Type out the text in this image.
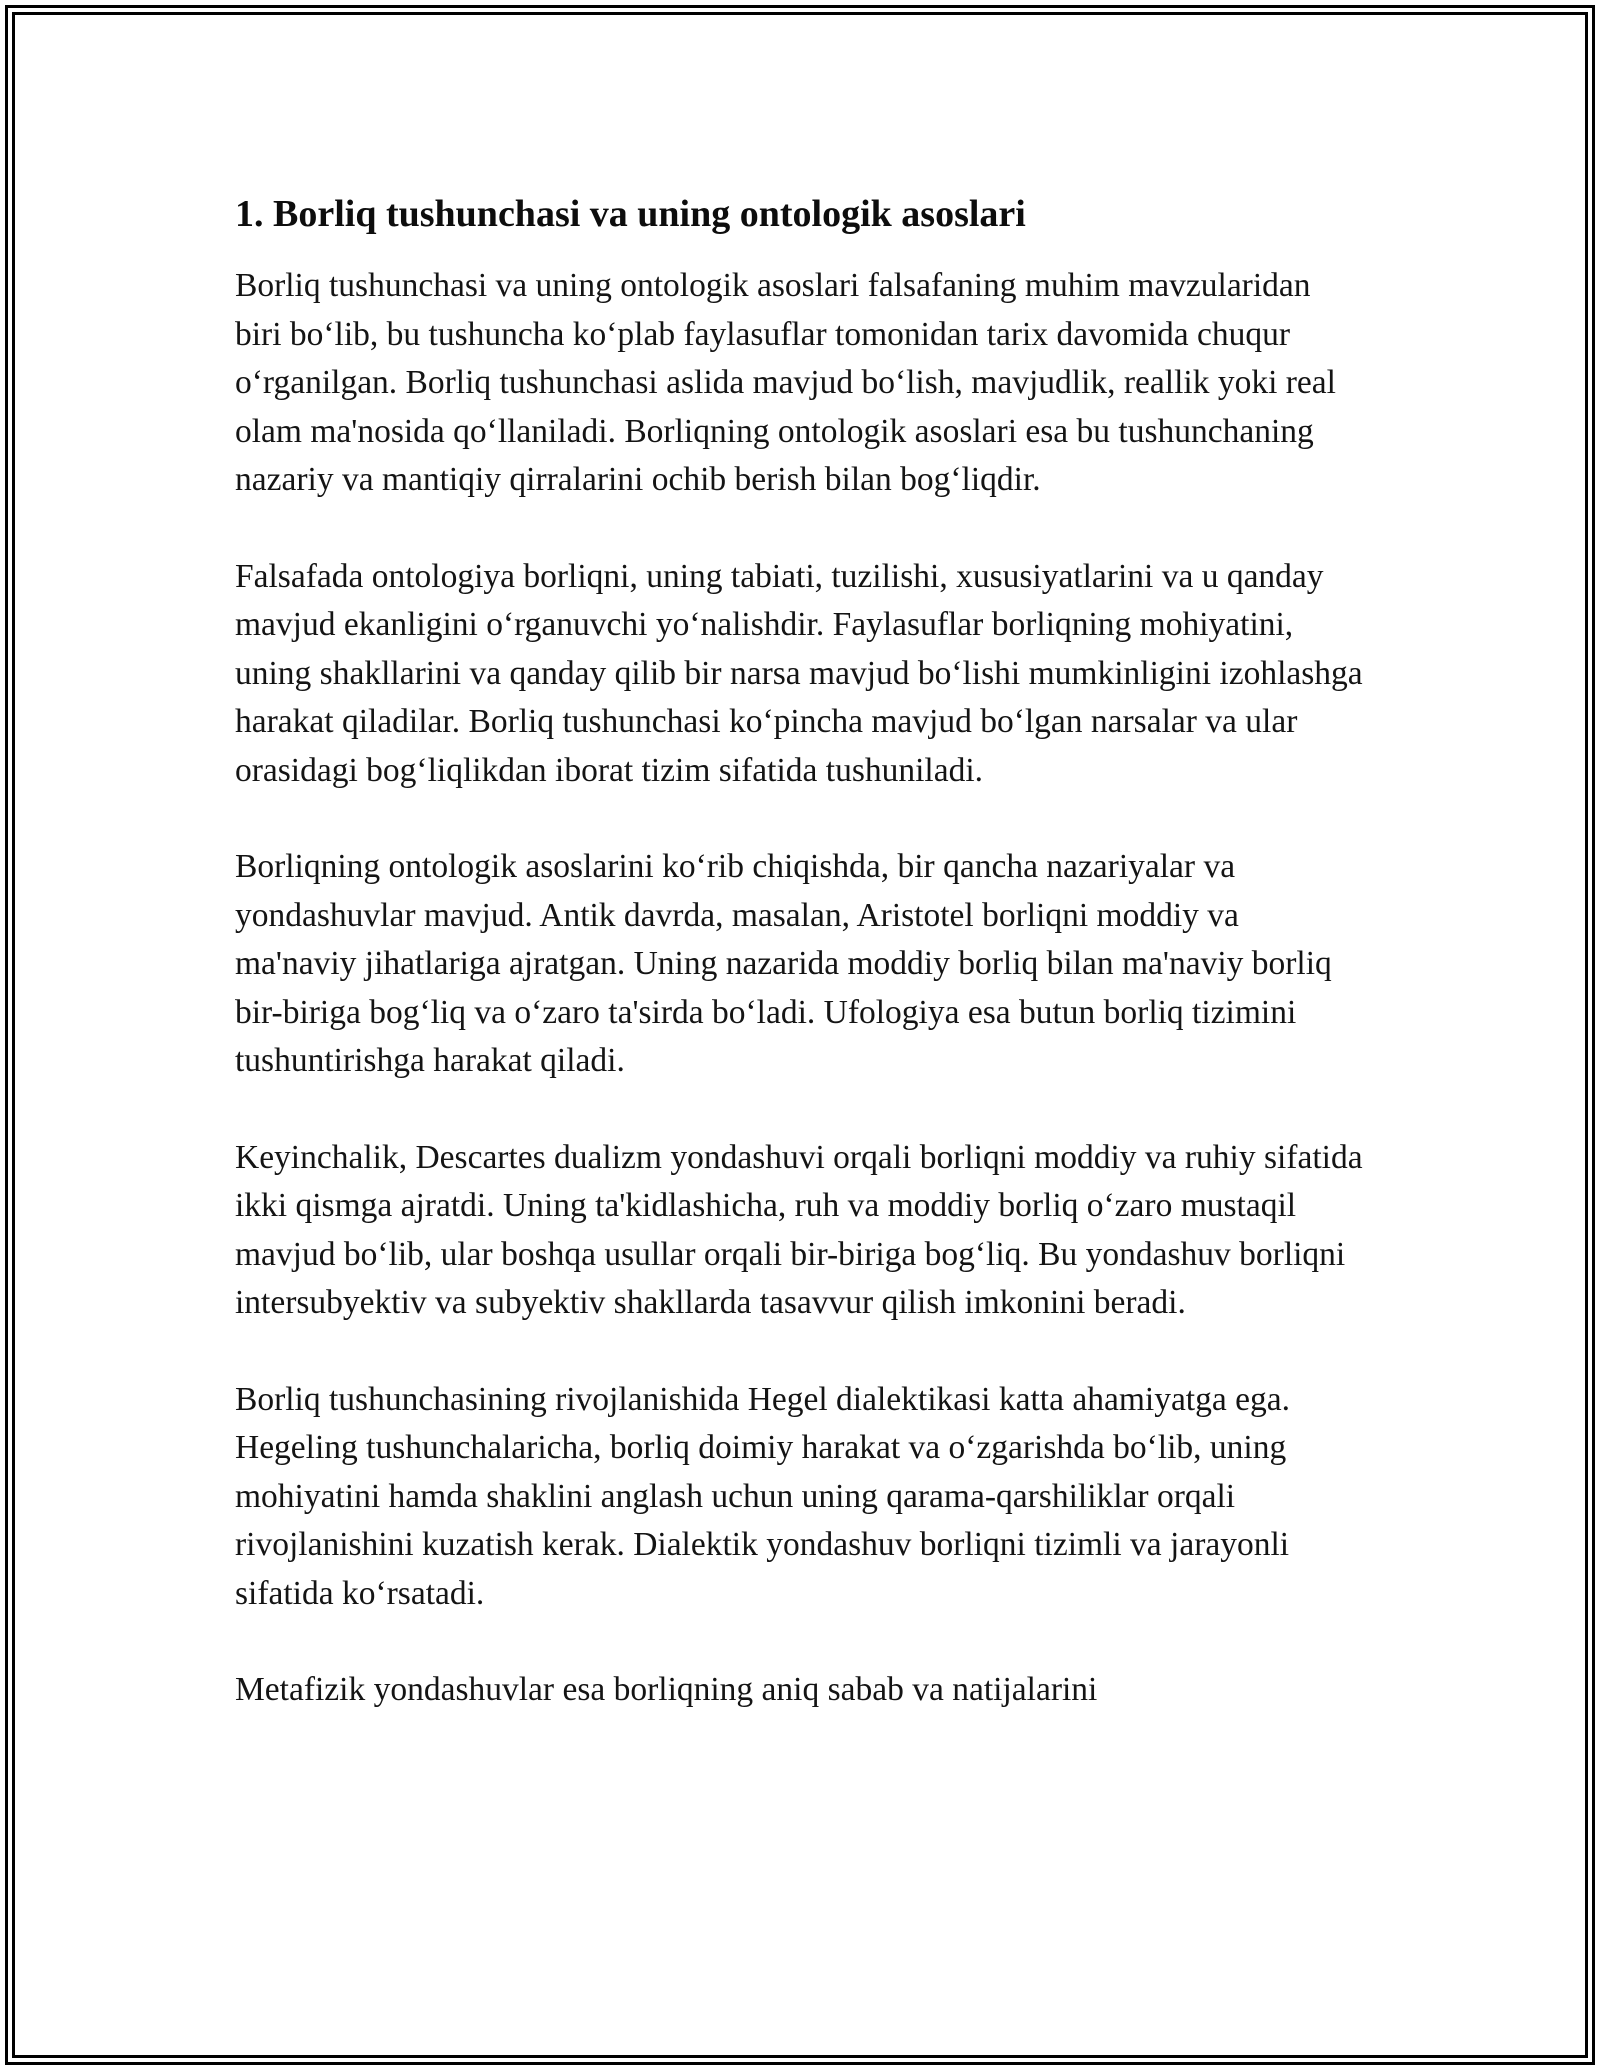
1. Borliq tushunchasi va uning ontologik asoslari

Borliq tushunchasi va uning ontologik asoslari falsafaning muhim mavzularidan biri bo‘lib, bu tushuncha ko‘plab faylasuflar tomonidan tarix davomida chuqur o‘rganilgan. Borliq tushunchasi aslida mavjud bo‘lish, mavjudlik, reallik yoki real olam ma'nosida qo‘llaniladi. Borliqning ontologik asoslari esa bu tushunchaning nazariy va mantiqiy qirralarini ochib berish bilan bog‘liqdir.

Falsafada ontologiya borliqni, uning tabiati, tuzilishi, xususiyatlarini va u qanday mavjud ekanligini o‘rganuvchi yo‘nalishdir. Faylasuflar borliqning mohiyatini, uning shakllarini va qanday qilib bir narsa mavjud bo‘lishi mumkinligini izohlashga harakat qiladilar. Borliq tushunchasi ko‘pincha mavjud bo‘lgan narsalar va ular orasidagi bog‘liqlikdan iborat tizim sifatida tushuniladi.

Borliqning ontologik asoslarini ko‘rib chiqishda, bir qancha nazariyalar va yondashuvlar mavjud. Antik davrda, masalan, Aristotel borliqni moddiy va ma'naviy jihatlariga ajratgan. Uning nazarida moddiy borliq bilan ma'naviy borliq bir-biriga bog‘liq va o‘zaro ta'sirda bo‘ladi. Ufologiya esa butun borliq tizimini tushuntirishga harakat qiladi.

Keyinchalik, Descartes dualizm yondashuvi orqali borliqni moddiy va ruhiy sifatida ikki qismga ajratdi. Uning ta'kidlashicha, ruh va moddiy borliq o‘zaro mustaqil mavjud bo‘lib, ular boshqa usullar orqali bir-biriga bog‘liq. Bu yondashuv borliqni intersubyektiv va subyektiv shakllarda tasavvur qilish imkonini beradi.

Borliq tushunchasining rivojlanishida Hegel dialektikasi katta ahamiyatga ega. Hegeling tushunchalaricha, borliq doimiy harakat va o‘zgarishda bo‘lib, uning mohiyatini hamda shaklini anglash uchun uning qarama-qarshiliklar orqali rivojlanishini kuzatish kerak. Dialektik yondashuv borliqni tizimli va jarayonli sifatida ko‘rsatadi.

Metafizik yondashuvlar esa borliqning aniq sabab va natijalarini
